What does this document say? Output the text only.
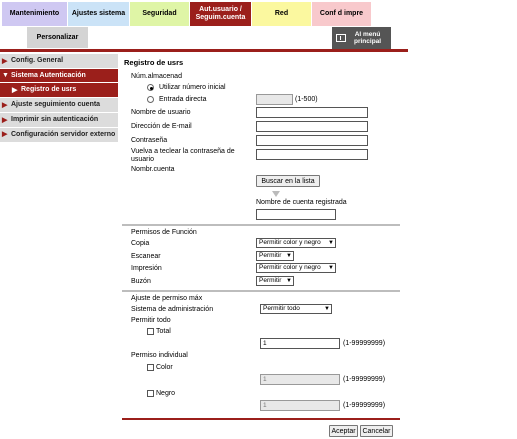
Mantenimiento Ajustes sistema Seguridad
Aut.usuario /
Seguim.cuenta
Red	Conf d impre
Personalizar	Al menú
principal
▶ Config. General
▼ Sistema Autenticación
▶ Registro de usrs
▶ Ajuste seguimiento cuenta
▶ Imprimir sin autenticación
▶ Configuración servidor externo
Registro de usrs
Núm.almacenad
Utilizar número inicial
Entrada directa	(1-500)
Nombre de usuario
Dirección de E-mail
Contraseña
Vuelva a teclear la contraseña de usuario
Nombr.cuenta
Buscar en la lista
Nombre de cuenta registrada
Permisos de Función
Copia	Permitir color y negro ▼
Escanear	Permitir ▼
Impresión	Permitir color y negro ▼
Buzón	Permitir ▼
Ajuste de permiso máx
Sistema de administración	Permitir todo	▼
Permitir todo
Total
1	(1-99999999)
Permiso individual
Color
1	(1-99999999)
Negro
1	(1-99999999)
Aceptar Cancelar
